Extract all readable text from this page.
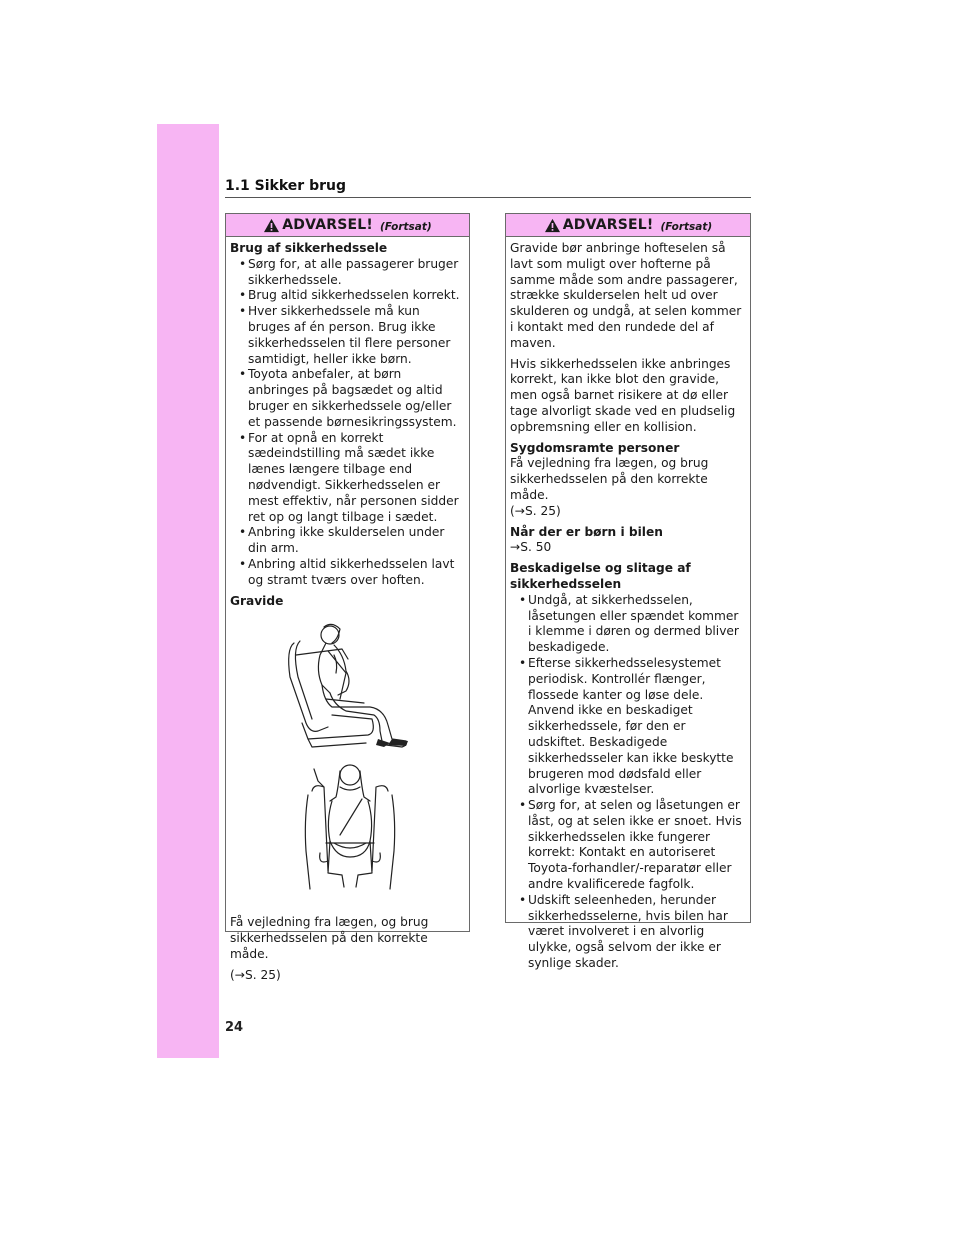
1.1 Sikker brug
ADVARSEL! (Fortsat)
Brug af sikkerhedssele
• Sørg for, at alle passagerer bruger sikkerhedssele.
• Brug altid sikkerhedsselen korrekt.
• Hver sikkerhedssele må kun bruges af én person. Brug ikke sikkerhedsselen til flere personer samtidigt, heller ikke børn.
• Toyota anbefaler, at børn anbringes på bagsædet og altid bruger en sikkerhedssele og/eller et passende børnesikringssystem.
• For at opnå en korrekt sædeindstilling må sædet ikke lænes længere tilbage end nødvendigt. Sikkerhedsselen er mest effektiv, når personen sidder ret op og langt tilbage i sædet.
• Anbring ikke skulderselen under din arm.
• Anbring altid sikkerhedsselen lavt og stramt tværs over hoften.
Gravide
Få vejledning fra lægen, og brug sikkerhedsselen på den korrekte måde.
(→S. 25)
ADVARSEL! (Fortsat)
Gravide bør anbringe hofteselen så lavt som muligt over hofterne på samme måde som andre passagerer, strække skulderselen helt ud over skulderen og undgå, at selen kommer i kontakt med den rundede del af maven.
Hvis sikkerhedsselen ikke anbringes korrekt, kan ikke blot den gravide, men også barnet risikere at dø eller tage alvorligt skade ved en pludselig opbremsning eller en kollision.
Sygdomsramte personer
Få vejledning fra lægen, og brug sikkerhedsselen på den korrekte måde.
(→S. 25)
Når der er børn i bilen
→S. 50
Beskadigelse og slitage af sikkerhedsselen
• Undgå, at sikkerhedsselen, låsetungen eller spændet kommer i klemme i døren og dermed bliver beskadigede.
• Efterse sikkerhedsselesystemet periodisk. Kontrollér flænger, flossede kanter og løse dele. Anvend ikke en beskadiget sikkerhedssele, før den er udskiftet. Beskadigede sikkerhedsseler kan ikke beskytte brugeren mod dødsfald eller alvorlige kvæstelser.
• Sørg for, at selen og låsetungen er låst, og at selen ikke er snoet. Hvis sikkerhedsselen ikke fungerer korrekt: Kontakt en autoriseret Toyota-forhandler/-reparatør eller andre kvalificerede fagfolk.
• Udskift seleenheden, herunder sikkerhedsselerne, hvis bilen har været involveret i en alvorlig ulykke, også selvom der ikke er synlige skader.
24
